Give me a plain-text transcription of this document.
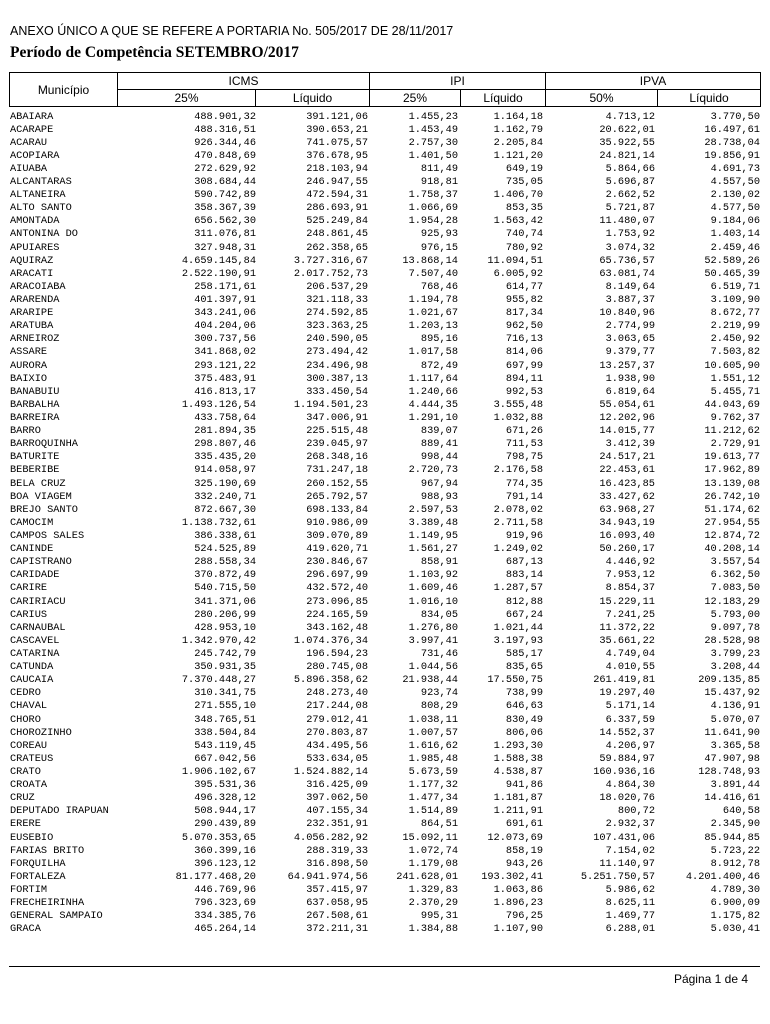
ANEXO ÚNICO A QUE SE REFERE A PORTARIA No. 505/2017 DE 28/11/2017
Período de Competência SETEMBRO/2017
Município	ICMS		IPI		IPVA	
	25%	Líquido	25%	Líquido	50%	Líquido
ABAIARA	488.901,32	391.121,06	1.455,23	1.164,18	4.713,12	3.770,50
ACARAPE	488.316,51	390.653,21	1.453,49	1.162,79	20.622,01	16.497,61
ACARAU	926.344,46	741.075,57	2.757,30	2.205,84	35.922,55	28.738,04
ACOPIARA	470.848,69	376.678,95	1.401,50	1.121,20	24.821,14	19.856,91
AIUABA	272.629,92	218.103,94	811,49	649,19	5.864,66	4.691,73
ALCANTARAS	308.684,44	246.947,55	918,81	735,05	5.696,87	4.557,50
ALTANEIRA	590.742,89	472.594,31	1.758,37	1.406,70	2.662,52	2.130,02
ALTO SANTO	358.367,39	286.693,91	1.066,69	853,35	5.721,87	4.577,50
AMONTADA	656.562,30	525.249,84	1.954,28	1.563,42	11.480,07	9.184,06
ANTONINA DO	311.076,81	248.861,45	925,93	740,74	1.753,92	1.403,14
APUIARES	327.948,31	262.358,65	976,15	780,92	3.074,32	2.459,46
AQUIRAZ	4.659.145,84	3.727.316,67	13.868,14	11.094,51	65.736,57	52.589,26
ARACATI	2.522.190,91	2.017.752,73	7.507,40	6.005,92	63.081,74	50.465,39
ARACOIABA	258.171,61	206.537,29	768,46	614,77	8.149,64	6.519,71
ARARENDA	401.397,91	321.118,33	1.194,78	955,82	3.887,37	3.109,90
ARARIPE	343.241,06	274.592,85	1.021,67	817,34	10.840,96	8.672,77
ARATUBA	404.204,06	323.363,25	1.203,13	962,50	2.774,99	2.219,99
ARNEIROZ	300.737,56	240.590,05	895,16	716,13	3.063,65	2.450,92
ASSARE	341.868,02	273.494,42	1.017,58	814,06	9.379,77	7.503,82
AURORA	293.121,22	234.496,98	872,49	697,99	13.257,37	10.605,90
BAIXIO	375.483,91	300.387,13	1.117,64	894,11	1.938,90	1.551,12
BANABUIU	416.813,17	333.450,54	1.240,66	992,53	6.819,64	5.455,71
BARBALHA	1.493.126,54	1.194.501,23	4.444,35	3.555,48	55.054,61	44.043,69
BARREIRA	433.758,64	347.006,91	1.291,10	1.032,88	12.202,96	9.762,37
BARRO	281.894,35	225.515,48	839,07	671,26	14.015,77	11.212,62
BARROQUINHA	298.807,46	239.045,97	889,41	711,53	3.412,39	2.729,91
BATURITE	335.435,20	268.348,16	998,44	798,75	24.517,21	19.613,77
BEBERIBE	914.058,97	731.247,18	2.720,73	2.176,58	22.453,61	17.962,89
BELA CRUZ	325.190,69	260.152,55	967,94	774,35	16.423,85	13.139,08
BOA VIAGEM	332.240,71	265.792,57	988,93	791,14	33.427,62	26.742,10
BREJO SANTO	872.667,30	698.133,84	2.597,53	2.078,02	63.968,27	51.174,62
CAMOCIM	1.138.732,61	910.986,09	3.389,48	2.711,58	34.943,19	27.954,55
CAMPOS SALES	386.338,61	309.070,89	1.149,95	919,96	16.093,40	12.874,72
CANINDE	524.525,89	419.620,71	1.561,27	1.249,02	50.260,17	40.208,14
CAPISTRANO	288.558,34	230.846,67	858,91	687,13	4.446,92	3.557,54
CARIDADE	370.872,49	296.697,99	1.103,92	883,14	7.953,12	6.362,50
CARIRE	540.715,50	432.572,40	1.609,46	1.287,57	8.854,37	7.083,50
CARIRIACU	341.371,06	273.096,85	1.016,10	812,88	15.229,11	12.183,29
CARIUS	280.206,99	224.165,59	834,05	667,24	7.241,25	5.793,00
CARNAUBAL	428.953,10	343.162,48	1.276,80	1.021,44	11.372,22	9.097,78
CASCAVEL	1.342.970,42	1.074.376,34	3.997,41	3.197,93	35.661,22	28.528,98
CATARINA	245.742,79	196.594,23	731,46	585,17	4.749,04	3.799,23
CATUNDA	350.931,35	280.745,08	1.044,56	835,65	4.010,55	3.208,44
CAUCAIA	7.370.448,27	5.896.358,62	21.938,44	17.550,75	261.419,81	209.135,85
CEDRO	310.341,75	248.273,40	923,74	738,99	19.297,40	15.437,92
CHAVAL	271.555,10	217.244,08	808,29	646,63	5.171,14	4.136,91
CHORO	348.765,51	279.012,41	1.038,11	830,49	6.337,59	5.070,07
CHOROZINHO	338.504,84	270.803,87	1.007,57	806,06	14.552,37	11.641,90
COREAU	543.119,45	434.495,56	1.616,62	1.293,30	4.206,97	3.365,58
CRATEUS	667.042,56	533.634,05	1.985,48	1.588,38	59.884,97	47.907,98
CRATO	1.906.102,67	1.524.882,14	5.673,59	4.538,87	160.936,16	128.748,93
CROATA	395.531,36	316.425,09	1.177,32	941,86	4.864,30	3.891,44
CRUZ	496.328,12	397.062,50	1.477,34	1.181,87	18.020,76	14.416,61
DEPUTADO IRAPUAN	508.944,17	407.155,34	1.514,89	1.211,91	800,72	640,58
ERERE	290.439,89	232.351,91	864,51	691,61	2.932,37	2.345,90
EUSEBIO	5.070.353,65	4.056.282,92	15.092,11	12.073,69	107.431,06	85.944,85
FARIAS BRITO	360.399,16	288.319,33	1.072,74	858,19	7.154,02	5.723,22
FORQUILHA	396.123,12	316.898,50	1.179,08	943,26	11.140,97	8.912,78
FORTALEZA	81.177.468,20	64.941.974,56	241.628,01	193.302,41	5.251.750,57	4.201.400,46
FORTIM	446.769,96	357.415,97	1.329,83	1.063,86	5.986,62	4.789,30
FRECHEIRINHA	796.323,69	637.058,95	2.370,29	1.896,23	8.625,11	6.900,09
GENERAL SAMPAIO	334.385,76	267.508,61	995,31	796,25	1.469,77	1.175,82
GRACA	465.264,14	372.211,31	1.384,88	1.107,90	6.288,01	5.030,41
Página 1 de 4
